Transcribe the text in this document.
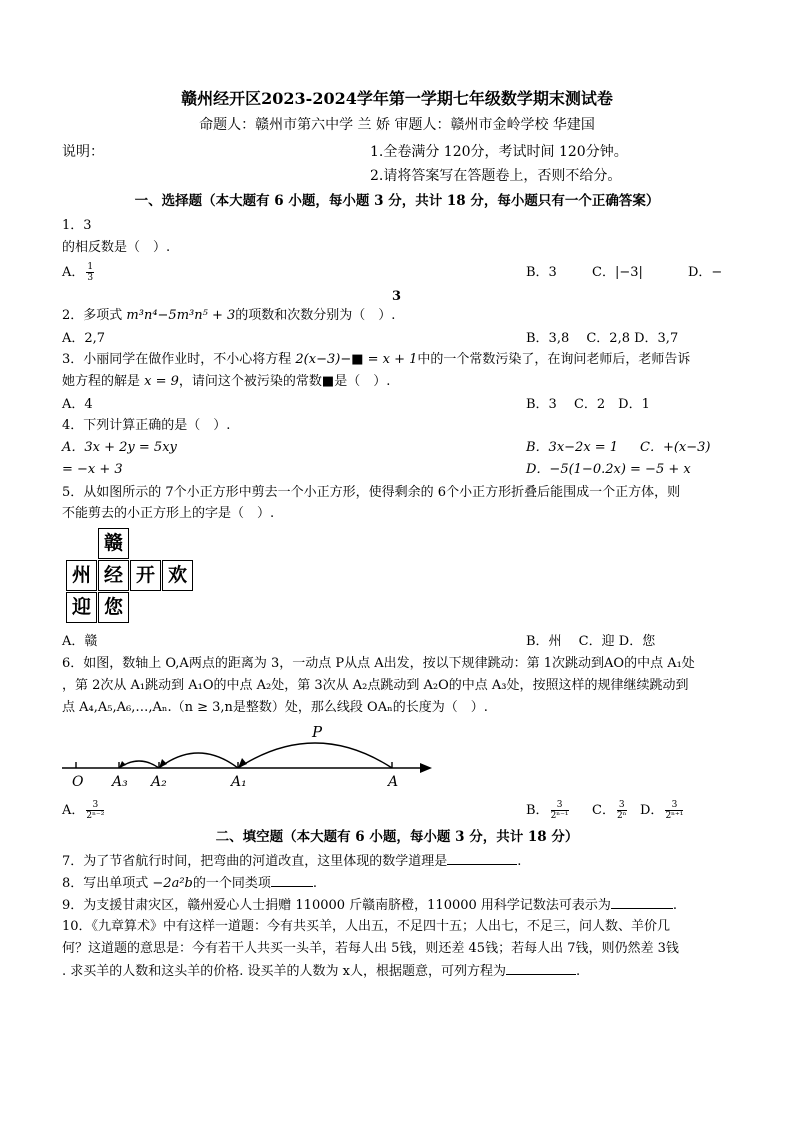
赣州经开区2023-2024学年第一学期七年级数学期末测试卷
命题人：赣州市第六中学 兰 娇 审题人：赣州市金岭学校 华建国
说明：	1.全卷满分 120分，考试时间 120分钟。
2.请将答案写在答题卷上，否则不给分。
一、选择题（本大题有 6 小题，每小题 3 分，共计 18 分，每小题只有一个正确答案）
1．3
的相反数是（　）.
A． $\frac{1}{3}$	B．3	C．|−3|	D．−
3
2．多项式 m³n⁴−5m³n⁵ + 3的项数和次数分别为（　）.
A．2,7	B．3,8　 C．2,8 D．3,7
3．小丽同学在做作业时，不小心将方程 2(x−3)−■ = x + 1中的一个常数污染了，在询问老师后，老师告诉
她方程的解是 x = 9，请问这个被污染的常数■是（　）.
A．4	B．3　 C．2　D．1
4．下列计算正确的是（　）.
A．3x + 2y = 5xy	B．3x−2x = 1 C．+(x−3)
= −x + 3	D．−5(1−0.2x) = −5 + x
5．从如图所示的 7个小正方形中剪去一个小正方形，使得剩余的 6个小正方形折叠后能围成一个正方体，则
不能剪去的小正方形上的字是（　）.
赣
州 经 开 欢
迎 您
A．赣	B．州　 C．迎 D．您
6．如图，数轴上 O,A两点的距离为 3，一动点 P从点 A出发，按以下规律跳动：第 1次跳动到AO的中点 A₁处
，第 2次从 A₁跳动到 A₁O的中点 A₂处，第 3次从 A₂点跳动到 A₂O的中点 A₃处，按照这样的规律继续跳动到
点 A₄,A₅,A₆,…,Aₙ.（n ≥ 3,n是整数）处，那么线段 OAₙ的长度为（　）.
O A₃ A₂	A₁	A
P
A． $\frac{3}{\text{2ⁿ⁻²}}$	B． $\frac{3}{\text{2ⁿ⁻¹}}$ C． $\frac{3}{\text{2ⁿ}}$ D． $\frac{3}{\text{2ⁿ⁺¹}}$
二、填空题（本大题有 6 小题，每小题 3 分，共计 18 分）
7．为了节省航行时间，把弯曲的河道改直，这里体现的数学道理是	.
8．写出单项式 −2a²b的一个同类项	.
9．为支援甘肃灾区，赣州爱心人士捐赠 110000 斤赣南脐橙，110000 用科学记数法可表示为	.
10．《九章算术》中有这样一道题：今有共买羊，人出五，不足四十五；人出七，不足三，问人数、羊价几
何？这道题的意思是：今有若干人共买一头羊，若每人出 5钱，则还差 45钱；若每人出 7钱，则仍然差 3钱
. 求买羊的人数和这头羊的价格. 设买羊的人数为 x人，根据题意，可列方程为	.
